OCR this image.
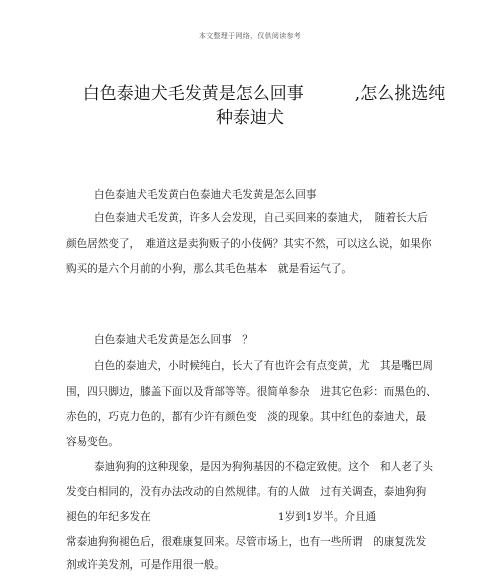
本文整理于网络，仅供阅读参考
白色泰迪犬毛发黄是怎么回事　　　,怎么挑选纯
种泰迪犬
白色泰迪犬毛发黄白色泰迪犬毛发黄是怎么回事
白色泰迪犬毛发黄，许多人会发现，自己买回来的泰迪犬，　随着长大后
颜色居然变了，　难道这是卖狗贩子的小伎俩？其实不然，可以这么说，如果你
购买的是六个月前的小狗，那么其毛色基本　就是看运气了。
白色泰迪犬毛发黄是怎么回事　？
白色的泰迪犬，小时候纯白，长大了有也许会有点变黄，尤　其是嘴巴周
围，四只脚边，膝盖下面以及背部等等。很简单参杂　进其它色彩：而黑色的、
赤色的，巧克力色的，都有少许有颜色变　淡的现象。其中红色的泰迪犬，最
容易变色。
泰迪狗狗的这种现象，是因为狗狗基因的不稳定致使。这个　和人老了头
发变白相同的，没有办法改动的自然规律。有的人做　过有关调查，泰迪狗狗
褪色的年纪多发在　　　　　　　　　　　　1岁到1岁半。介且通
常泰迪狗狗褪色后，很难康复回来。尽管市场上，也有一些所谓　的康复洗发
剂或许美发剂，可是作用很一般。
